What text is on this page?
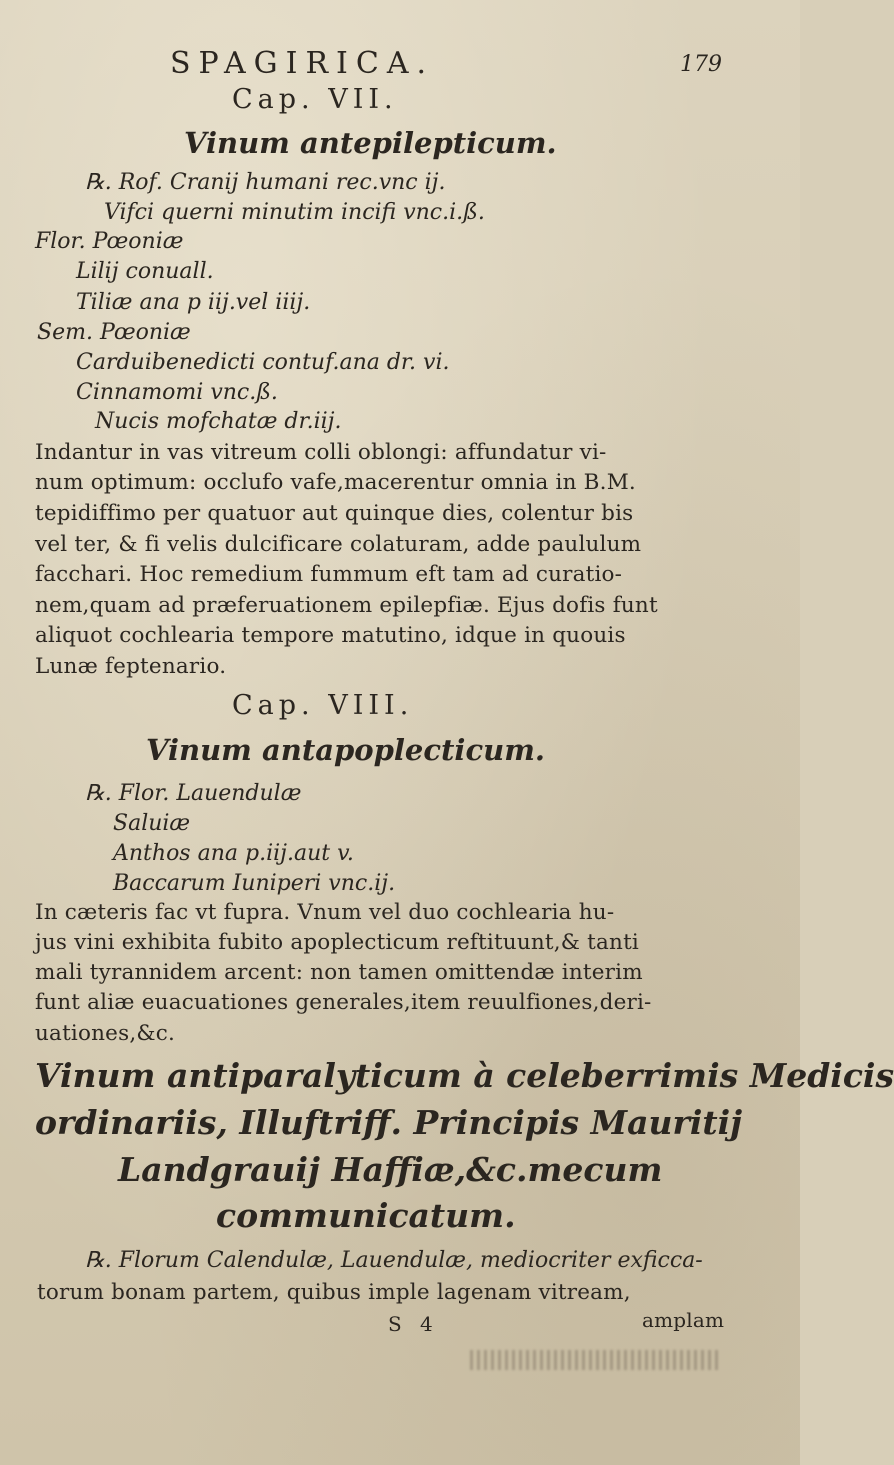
SPAGIRICA.	179
Cap. VII.
Vinum antepilepticum.
℞. Rof. Cranij humani rec.vnc ij.
Vifci querni minutim incifi vnc.i.ß.
Flor. Pœoniæ
Lilij conuall.
Tiliæ ana p iij.vel iiij.
Sem. Pœoniæ
Carduibenedicti contuf.ana dr. vi.
Cinnamomi vnc.ß.
Nucis mofchatæ dr.iij.
Indantur in vas vitreum colli oblongi: affundatur vi-
num optimum: occlufo vafe,macerentur omnia in B.M.
tepidiffimo per quatuor aut quinque dies, colentur bis
vel ter, & fi velis dulcificare colaturam, adde paululum
facchari. Hoc remedium fummum eft tam ad curatio-
nem,quam ad præferuationem epilepfiæ. Ejus dofis funt
aliquot cochlearia tempore matutino, idque in quouis
Lunæ feptenario.
Cap. VIII.
Vinum antapoplecticum.
℞. Flor. Lauendulæ
Saluiæ
Anthos ana p.iij.aut v.
Baccarum Iuniperi vnc.ij.
In cæteris fac vt fupra. Vnum vel duo cochlearia hu-
jus vini exhibita fubito apoplecticum reftituunt,& tanti
mali tyrannidem arcent: non tamen omittendæ interim
funt aliæ euacuationes generales,item reuulfiones,deri-
uationes,&c.
Vinum antiparalyticum à celeberrimis Medicis
ordinariis, Illuftriff. Principis Mauritij
Landgrauij Haffiæ,&c.mecum
communicatum.
℞. Florum Calendulæ, Lauendulæ, mediocriter exficca-
torum bonam partem, quibus imple lagenam vitream,
S 4	amplam
